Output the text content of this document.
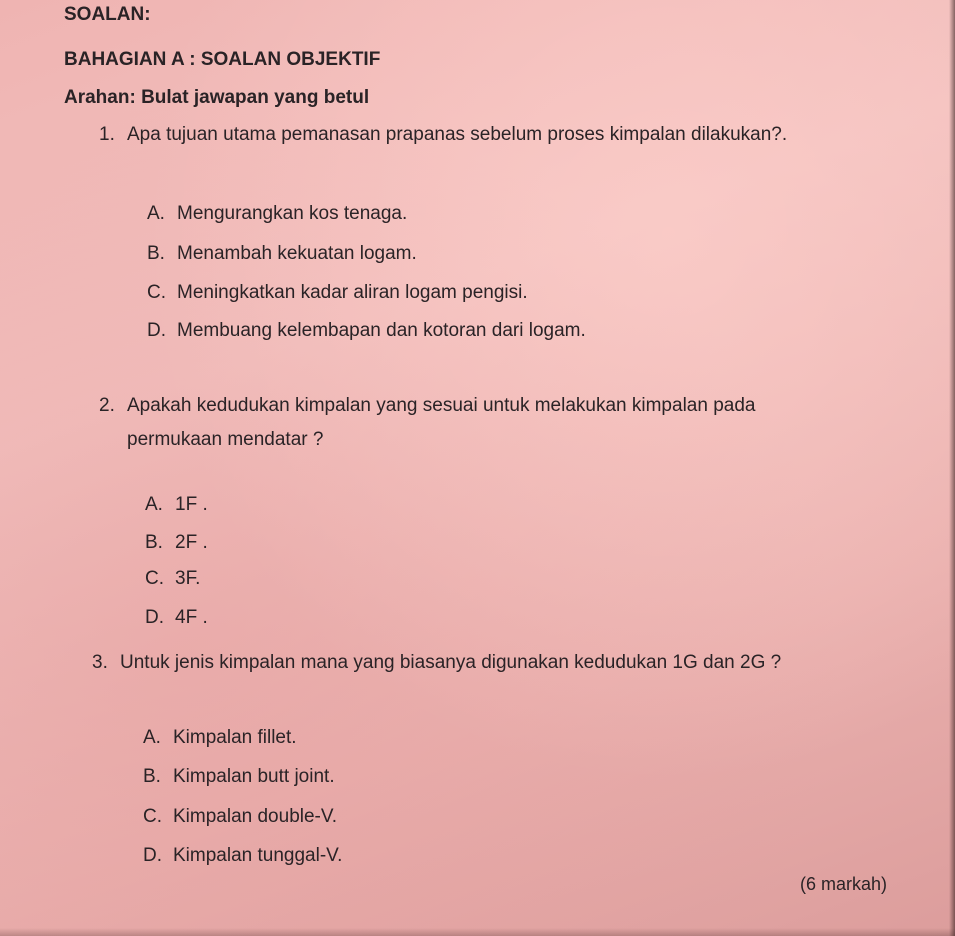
SOALAN:
BAHAGIAN A : SOALAN OBJEKTIF
Arahan: Bulat jawapan yang betul
1. Apa tujuan utama pemanasan prapanas sebelum proses kimpalan dilakukan?.
A. Mengurangkan kos tenaga.
B. Menambah kekuatan logam.
C. Meningkatkan kadar aliran logam pengisi.
D. Membuang kelembapan dan kotoran dari logam.
2. Apakah kedudukan kimpalan yang sesuai untuk melakukan kimpalan pada
permukaan mendatar ?
A. 1F .
B. 2F .
C. 3F.
D. 4F .
3. Untuk jenis kimpalan mana yang biasanya digunakan kedudukan 1G dan 2G ?
A. Kimpalan fillet.
B. Kimpalan butt joint.
C. Kimpalan double-V.
D. Kimpalan tunggal-V.
(6 markah)
